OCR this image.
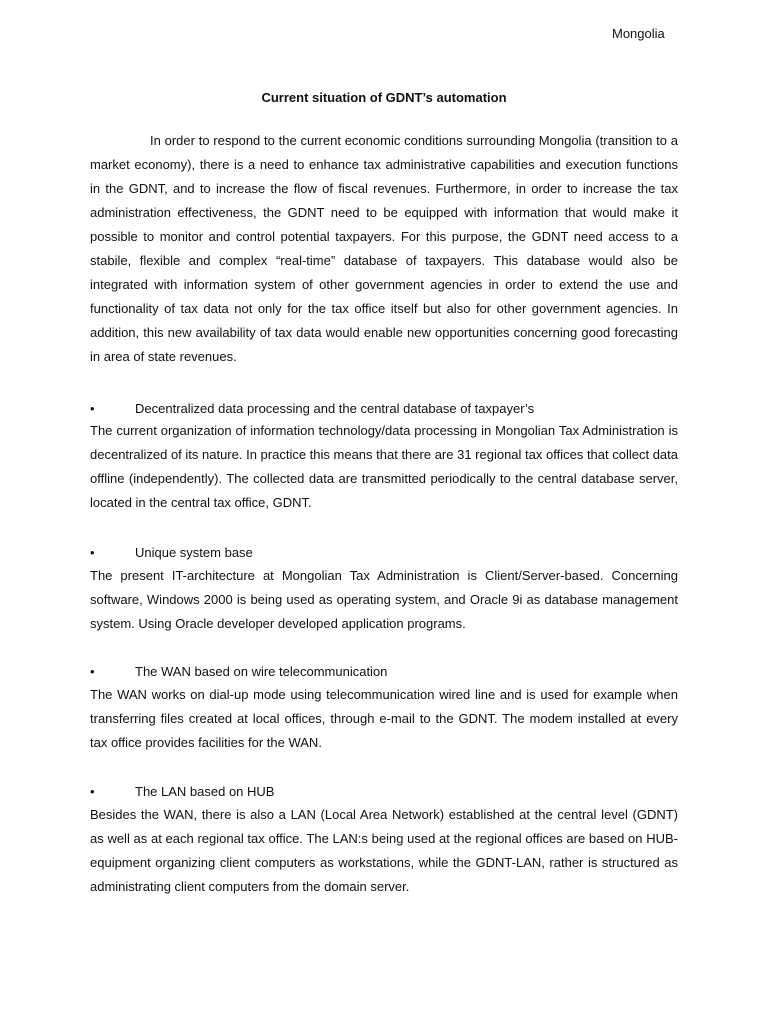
Mongolia
Current situation of GDNT’s automation

In order to respond to the current economic conditions surrounding Mongolia (transition to a market economy), there is a need to enhance tax administrative capabilities and execution functions in the GDNT, and to increase the flow of fiscal revenues. Furthermore, in order to increase the tax administration effectiveness, the GDNT need to be equipped with information that would make it possible to monitor and control potential taxpayers. For this purpose, the GDNT need access to a stabile, flexible and complex “real-time” database of taxpayers. This database would also be integrated with information system of other government agencies in order to extend the use and functionality of tax data not only for the tax office itself but also for other government agencies. In addition, this new availability of tax data would enable new opportunities concerning good forecasting in area of state revenues.

•	Decentralized data processing and the central database of taxpayer’s

The current organization of information technology/data processing in Mongolian Tax Administration is decentralized of its nature. In practice this means that there are 31 regional tax offices that collect data offline (independently). The collected data are transmitted periodically to the central database server, located in the central tax office, GDNT.

•	Unique system base

The present IT-architecture at Mongolian Tax Administration is Client/Server-based. Concerning software, Windows 2000 is being used as operating system, and Oracle 9i as database management system. Using Oracle developer developed application programs.

•	The WAN based on wire telecommunication

The WAN works on dial-up mode using telecommunication wired line and is used for example when transferring files created at local offices, through e-mail to the GDNT. The modem installed at every tax office provides facilities for the WAN.

•	The LAN based on HUB

Besides the WAN, there is also a LAN (Local Area Network) established at the central level (GDNT) as well as at each regional tax office. The LAN:s being used at the regional offices are based on HUB-equipment organizing client computers as workstations, while the GDNT-LAN, rather is structured as administrating client computers from the domain server.
